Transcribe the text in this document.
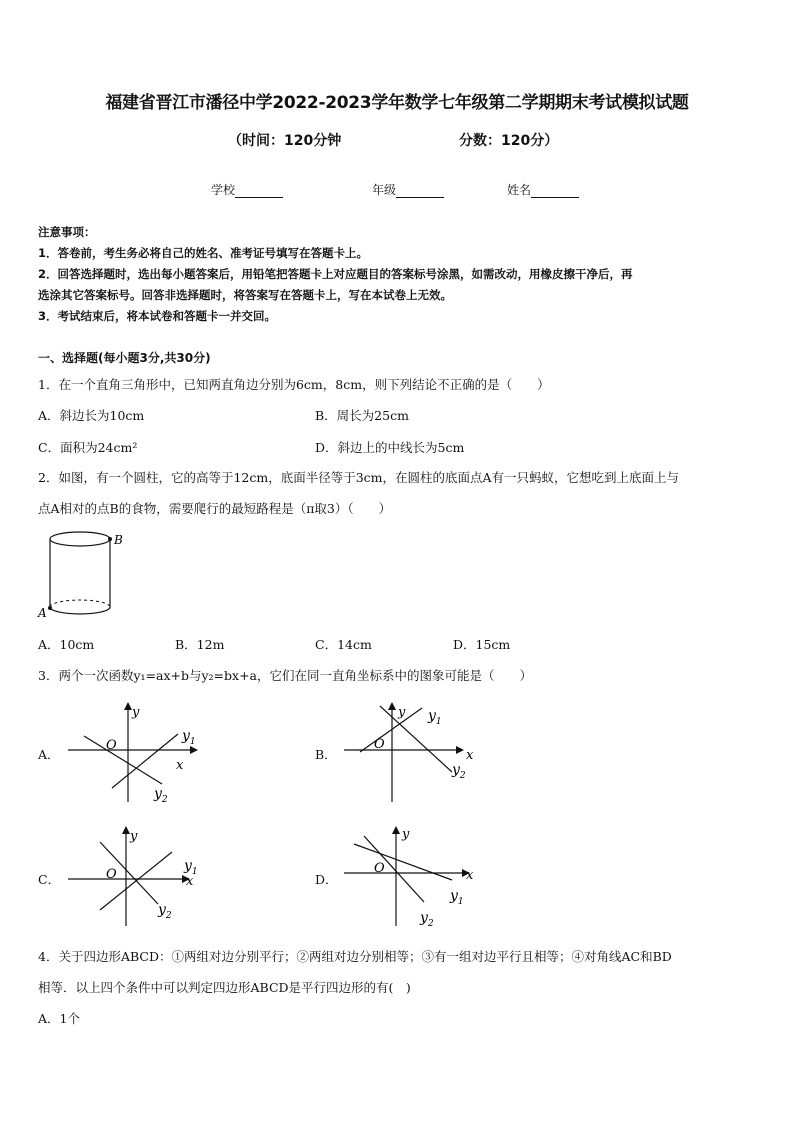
福建省晋江市潘径中学2022-2023学年数学七年级第二学期期末考试模拟试题
（时间：120分钟	分数：120分）
学校	年级	姓名
注意事项：
1．答卷前，考生务必将自己的姓名、准考证号填写在答题卡上。
2．回答选择题时，选出每小题答案后，用铅笔把答题卡上对应题目的答案标号涂黑，如需改动，用橡皮擦干净后，再
选涂其它答案标号。回答非选择题时，将答案写在答题卡上，写在本试卷上无效。
3．考试结束后，将本试卷和答题卡一并交回。
一、选择题(每小题3分,共30分)
1．在一个直角三角形中，已知两直角边分别为6cm，8cm，则下列结论不正确的是（　　）
A．斜边长为10cm	B．周长为25cm
C．面积为24cm²	D．斜边上的中线长为5cm
2．如图，有一个圆柱，它的高等于12cm，底面半径等于3cm，在圆柱的底面点A有一只蚂蚁，它想吃到上底面上与
点A相对的点B的食物，需要爬行的最短路程是（π取3）（　　）
B
A
A．10cm	B．12m	C．14cm	D．15cm
3．两个一次函数y₁=ax+b与y₂=bx+a，它们在同一直角坐标系中的图象可能是（　　）
A．
O
x
y
$y_1$
$y_2$
B．
O
x
y $y_1$
$y_2$
C．	O	x
y
$y_1$
$y_2$
D．
O	x
y
$y_1$
$y_2$
4．关于四边形ABCD：①两组对边分别平行；②两组对边分别相等；③有一组对边平行且相等；④对角线AC和BD
相等．以上四个条件中可以判定四边形ABCD是平行四边形的有(　)
A．1个
